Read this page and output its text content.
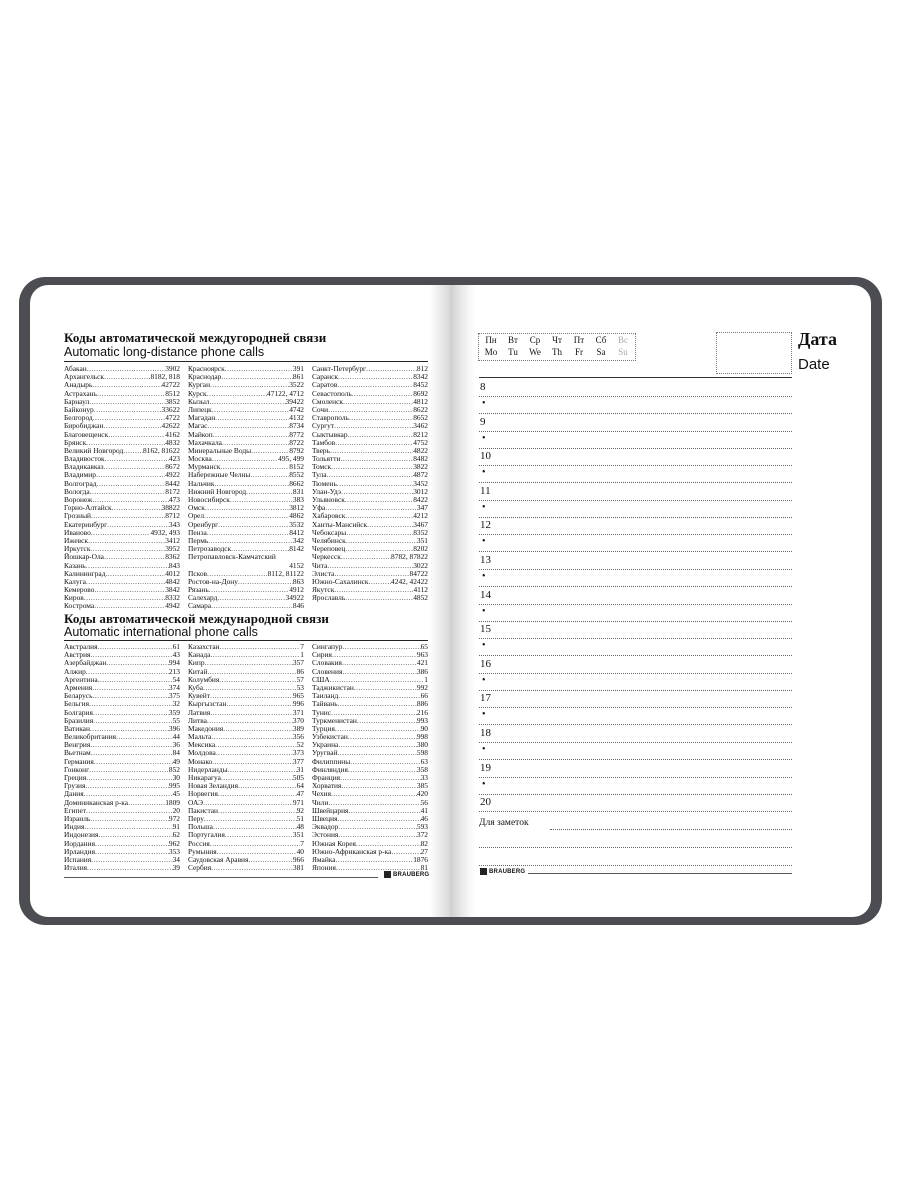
Коды автоматической междугородней связи
Automatic long-distance phone calls
Абакан .....	3902
Архангельск .....	8182, 818
Анадырь .....	42722
Астрахань .....	8512
Барнаул .....	3852
Байконур .....	33622
Белгород .....	4722
Биробиджан .....	42622
Благовещенск .....	4162
Брянск .....	4832
Великий Новгород .....	8162, 81622
Владивосток .....	423
Владикавказ .....	8672
Владимир .....	4922
Волгоград .....	8442
Вологда .....	8172
Воронеж .....	473
Горно-Алтайск .....	38822
Грозный .....	8712
Екатеринбург .....	343
Иваново .....	4932, 493
Ижевск .....	3412
Иркутск .....	3952
Йошкар-Ола .....	8362
Казань .....	843
Калининград .....	4012
Калуга .....	4842
Кемерово .....	3842
Киров .....	8332
Кострома .....	4942
Красноярск .....	391
Краснодар .....	861
Курган .....	3522
Курск .....	47122, 4712
Кызыл .....	39422
Липецк .....	4742
Магадан .....	4132
Магас .....	8734
Майкоп .....	8772
Махачкала .....	8722
Минеральные Воды .....	8792
Москва .....	495, 499
Мурманск .....	8152
Набережные Челны .....	8552
Нальчик .....	8662
Нижний Новгород .....	831
Новосибирск .....	383
Омск .....	3812
Орел .....	4862
Оренбург .....	3532
Пенза .....	8412
Пермь .....	342
Петрозаводск .....	8142
Петропавловск-Камчатский
4152
Псков .....	8112, 81122
Ростов-на-Дону .....	863
Рязань .....	4912
Салехард .....	34922
Самара .....	846
Санкт-Петербург .....	812
Саранск .....	8342
Саратов .....	8452
Севастополь .....	8692
Смоленск .....	4812
Сочи .....	8622
Ставрополь .....	8652
Сургут .....	3462
Сыктывкар .....	8212
Тамбов .....	4752
Тверь .....	4822
Тольятти .....	8482
Томск .....	3822
Тула .....	4872
Тюмень .....	3452
Улан-Удэ .....	3012
Ульяновск .....	8422
Уфа .....	347
Хабаровск .....	4212
Ханты-Мансийск .....	3467
Чебоксары .....	8352
Челябинск .....	351
Череповец .....	8202
Черкесск .....	8782, 87822
Чита .....	3022
Элиста .....	84722
Южно-Сахалинск .....	4242, 42422
Якутск .....	4112
Ярославль .....	4852
Коды автоматической международной связи
Automatic international phone calls
Австралия .....	61
Австрия .....	43
Азербайджан .....	994
Алжир .....	213
Аргентина .....	54
Армения .....	374
Беларусь .....	375
Бельгия .....	32
Болгария .....	359
Бразилия .....	55
Ватикан .....	396
Великобритания .....	44
Венгрия .....	36
Вьетнам .....	84
Германия .....	49
Гонконг .....	852
Греция .....	30
Грузия .....	995
Дания .....	45
Доминиканская р-ка .....	1809
Египет .....	20
Израиль .....	972
Индия .....	91
Индонезия .....	62
Иордания .....	962
Ирландия .....	353
Испания .....	34
Италия .....	39
Казахстан .....	7
Канада .....	1
Кипр .....	357
Китай .....	86
Колумбия .....	57
Куба .....	53
Кувейт .....	965
Кыргызстан .....	996
Латвия .....	371
Литва .....	370
Македония .....	389
Мальта .....	356
Мексика .....	52
Молдова .....	373
Монако .....	377
Нидерланды .....	31
Никарагуа .....	505
Новая Зеландия .....	64
Норвегия .....	47
ОАЭ .....	971
Пакистан .....	92
Перу .....	51
Польша .....	48
Португалия .....	351
Россия .....	7
Румыния .....	40
Саудовская Аравия .....	966
Сербия .....	381
Сингапур .....	65
Сирия .....	963
Словакия .....	421
Словения .....	386
США .....	1
Таджикистан .....	992
Таиланд .....	66
Тайвань .....	886
Тунис .....	216
Туркменистан .....	993
Турция .....	90
Узбекистан .....	998
Украина .....	380
Уругвай .....	598
Филиппины .....	63
Финляндия .....	358
Франция .....	33
Хорватия .....	385
Чехия .....	420
Чили .....	56
Швейцария .....	41
Швеция .....	46
Эквадор .....	593
Эстония .....	372
Южная Корея .....	82
Южно-Африканская р-ка .....	27
Ямайка .....	1876
Япония .....	81
BRAUBERG
Пн	Вт	Ср	Чт	Пт	Сб	Вс
Mo	Tu	We	Th	Fr	Sa	Su
Дата
Date
8
•
9
•
10
•
11
•
12
•
13
•
14
•
15
•
16
•
17
•
18
•
19
•
20
Для заметок
BRAUBERG
